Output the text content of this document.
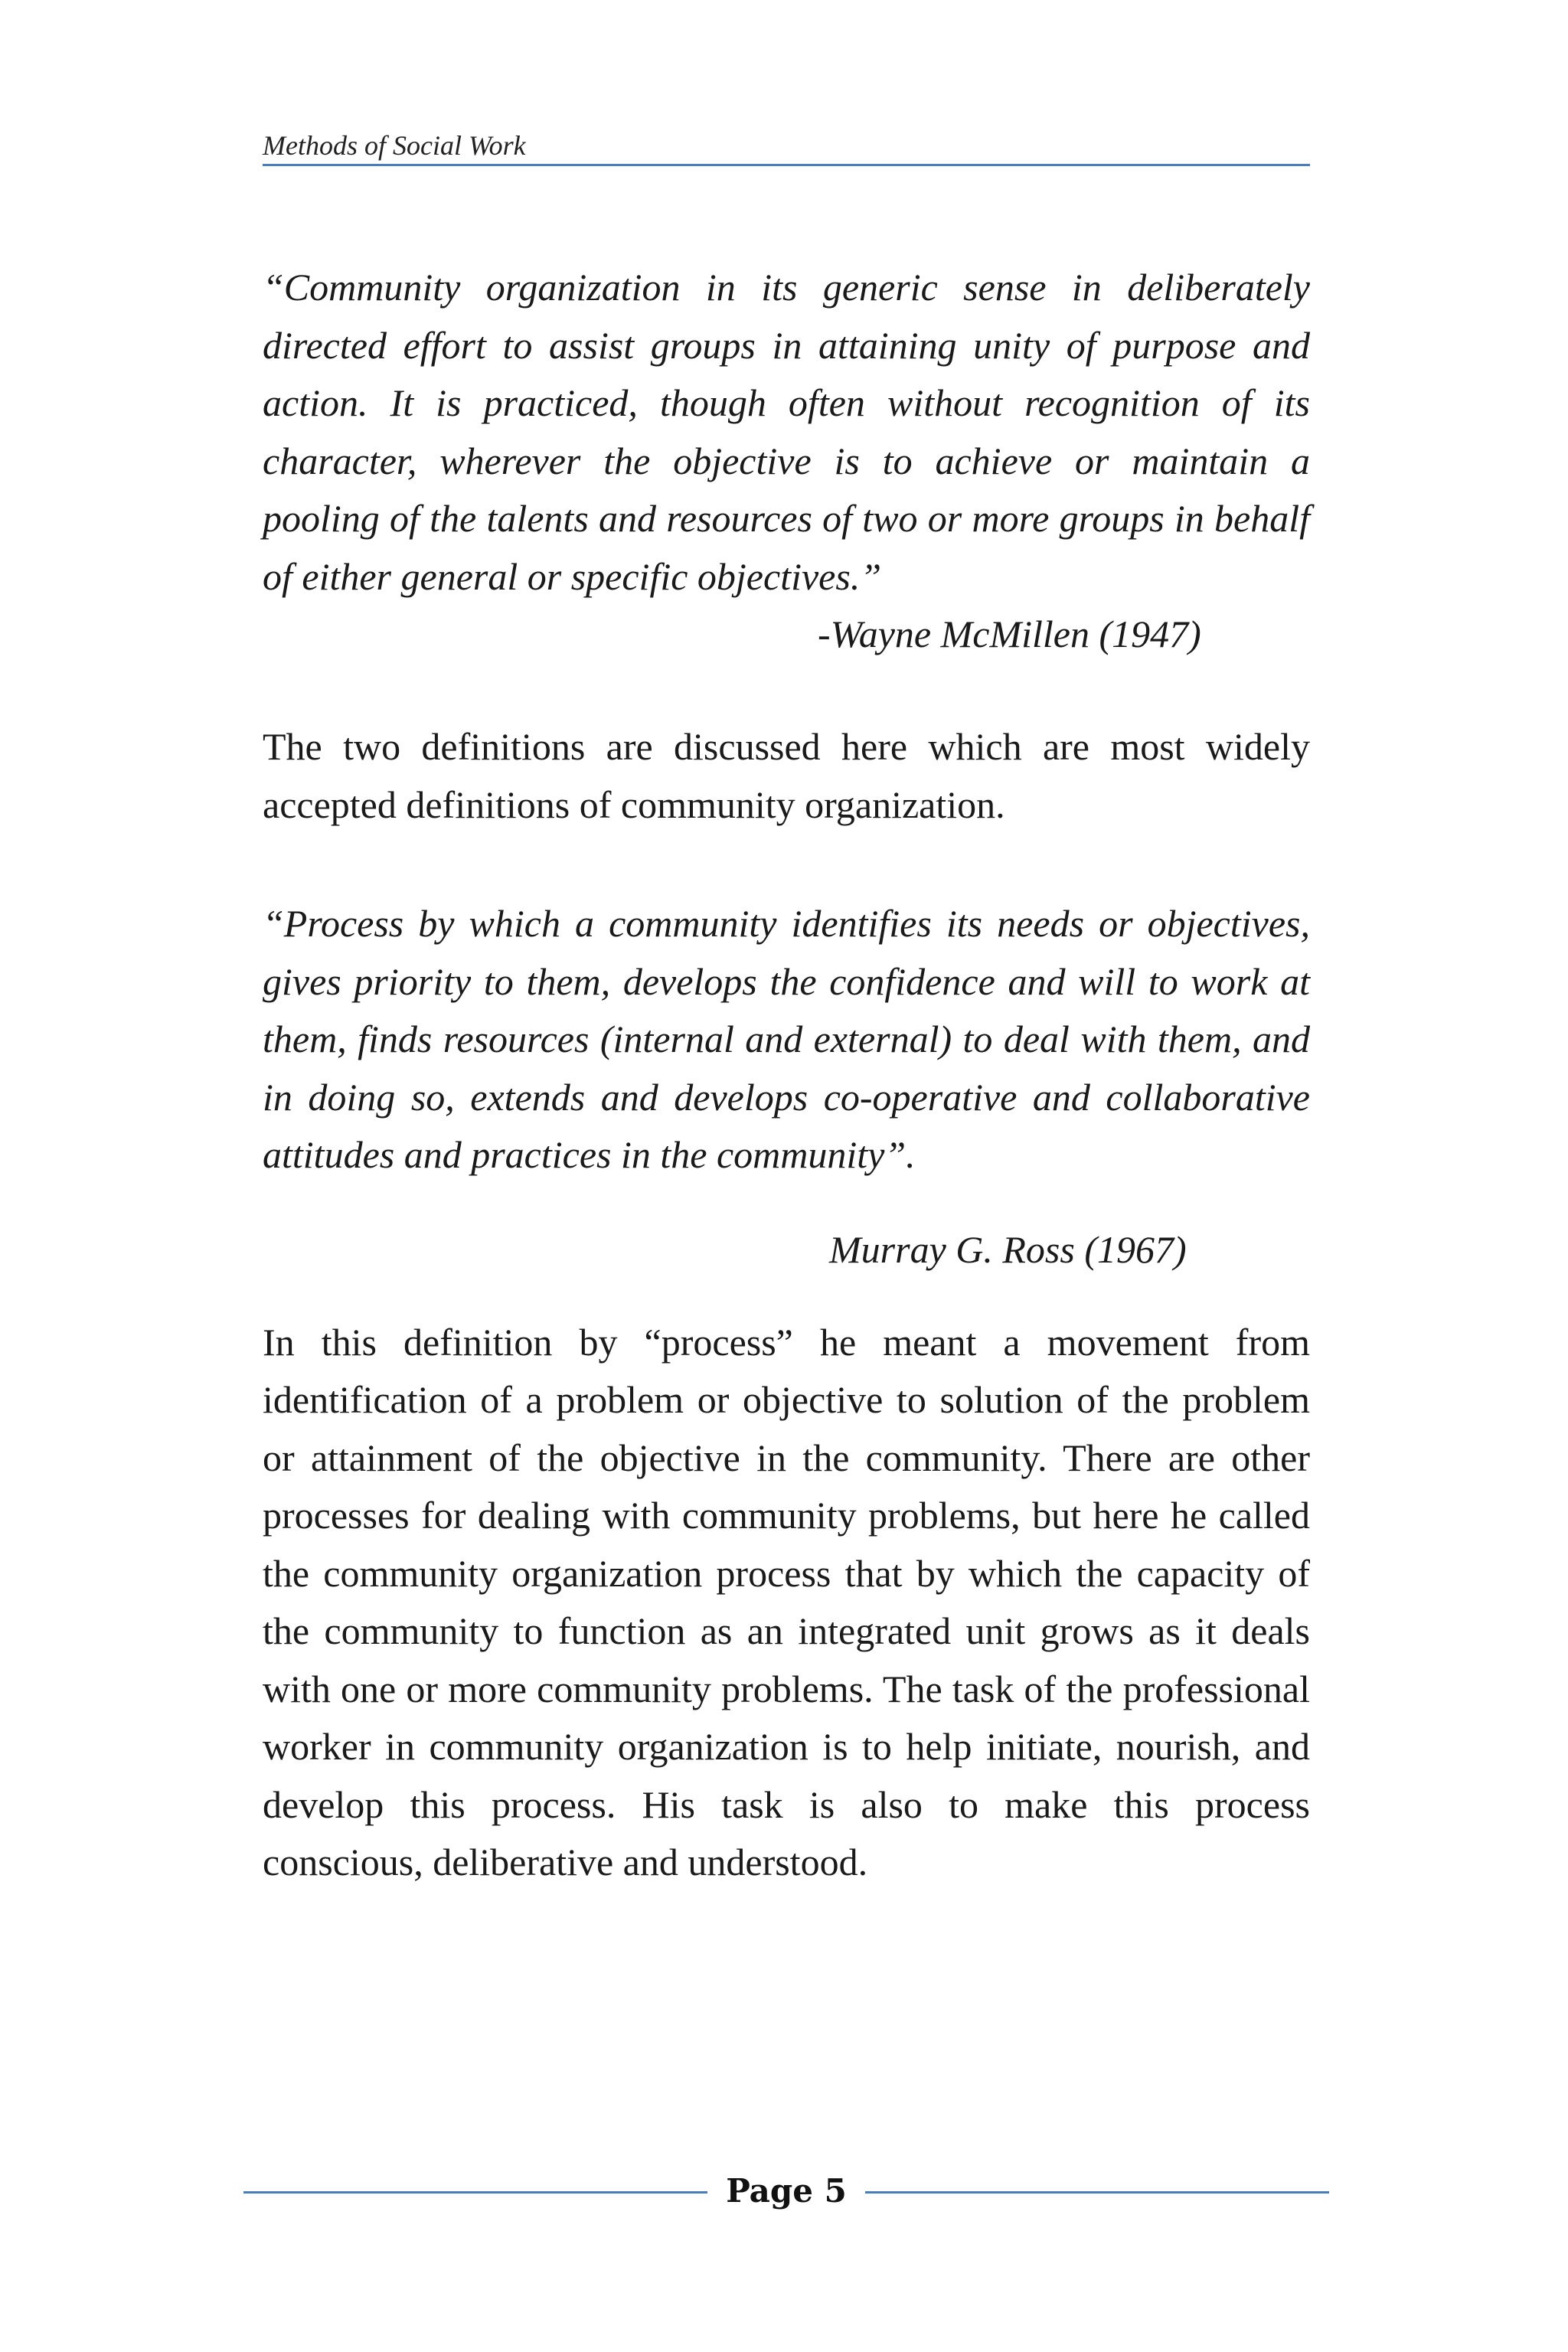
Methods of Social Work

“Community organization in its generic sense in deliberately directed effort to assist groups in attaining unity of purpose and action. It is practiced, though often without recognition of its character, wherever the objective is to achieve or maintain a pooling of the talents and resources of two or more groups in behalf of either general or specific objectives.”

-Wayne McMillen (1947)

The two definitions are discussed here which are most widely accepted definitions of community organization.

“Process by which a community identifies its needs or objectives, gives priority to them, develops the confidence and will to work at them, finds resources (internal and external) to deal with them, and in doing so, extends and develops co-operative and collaborative attitudes and practices in the community”.

Murray G. Ross (1967)

In this definition by “process” he meant a movement from identification of a problem or objective to solution of the problem or attainment of the objective in the community. There are other processes for dealing with community problems, but here he called the community organization process that by which the capacity of the community to function as an integrated unit grows as it deals with one or more community problems. The task of the professional worker in community organization is to help initiate, nourish, and develop this process. His task is also to make this process conscious, deliberative and understood.

Page 5
